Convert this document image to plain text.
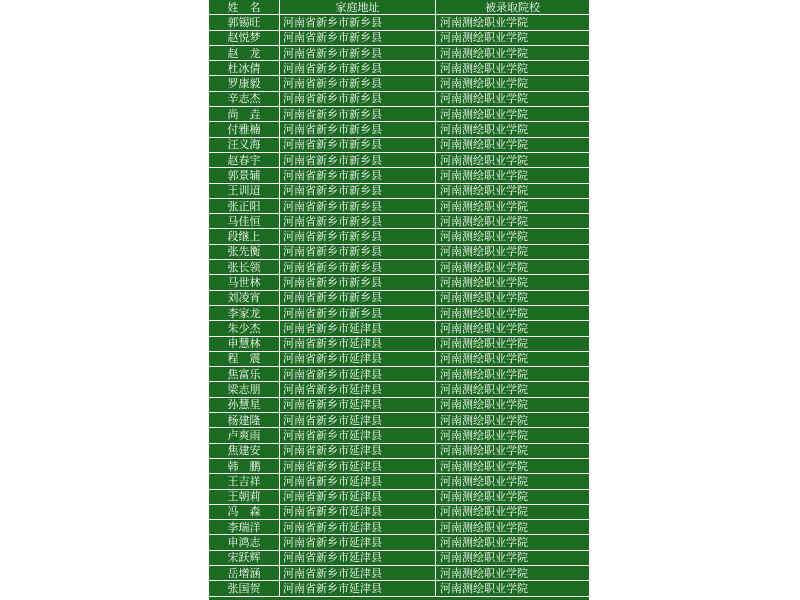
姓　名	家庭地址	被录取院校
郭锡旺	河南省新乡市新乡县	河南测绘职业学院
赵悦梦	河南省新乡市新乡县	河南测绘职业学院
赵　龙	河南省新乡市新乡县	河南测绘职业学院
杜冰倩	河南省新乡市新乡县	河南测绘职业学院
罗康毅	河南省新乡市新乡县	河南测绘职业学院
辛志杰	河南省新乡市新乡县	河南测绘职业学院
尚　垚	河南省新乡市新乡县	河南测绘职业学院
付雅楠	河南省新乡市新乡县	河南测绘职业学院
汪义海	河南省新乡市新乡县	河南测绘职业学院
赵春宇	河南省新乡市新乡县	河南测绘职业学院
郭景辅	河南省新乡市新乡县	河南测绘职业学院
王训迢	河南省新乡市新乡县	河南测绘职业学院
张正阳	河南省新乡市新乡县	河南测绘职业学院
马佳恒	河南省新乡市新乡县	河南测绘职业学院
段继上	河南省新乡市新乡县	河南测绘职业学院
张先衡	河南省新乡市新乡县	河南测绘职业学院
张长领	河南省新乡市新乡县	河南测绘职业学院
马世林	河南省新乡市新乡县	河南测绘职业学院
刘凌宵	河南省新乡市新乡县	河南测绘职业学院
李家龙	河南省新乡市新乡县	河南测绘职业学院
朱少杰	河南省新乡市延津县	河南测绘职业学院
申慧林	河南省新乡市延津县	河南测绘职业学院
程　震	河南省新乡市延津县	河南测绘职业学院
焦富乐	河南省新乡市延津县	河南测绘职业学院
梁志朋	河南省新乡市延津县	河南测绘职业学院
孙慧星	河南省新乡市延津县	河南测绘职业学院
杨建隆	河南省新乡市延津县	河南测绘职业学院
卢爽雨	河南省新乡市延津县	河南测绘职业学院
焦建安	河南省新乡市延津县	河南测绘职业学院
韩　鹏	河南省新乡市延津县	河南测绘职业学院
王吉祥	河南省新乡市延津县	河南测绘职业学院
王朝莉	河南省新乡市延津县	河南测绘职业学院
冯　森	河南省新乡市延津县	河南测绘职业学院
李瑞洋	河南省新乡市延津县	河南测绘职业学院
申鸿志	河南省新乡市延津县	河南测绘职业学院
宋跃辉	河南省新乡市延津县	河南测绘职业学院
岳增涵	河南省新乡市延津县	河南测绘职业学院
张国贺	河南省新乡市延津县	河南测绘职业学院
